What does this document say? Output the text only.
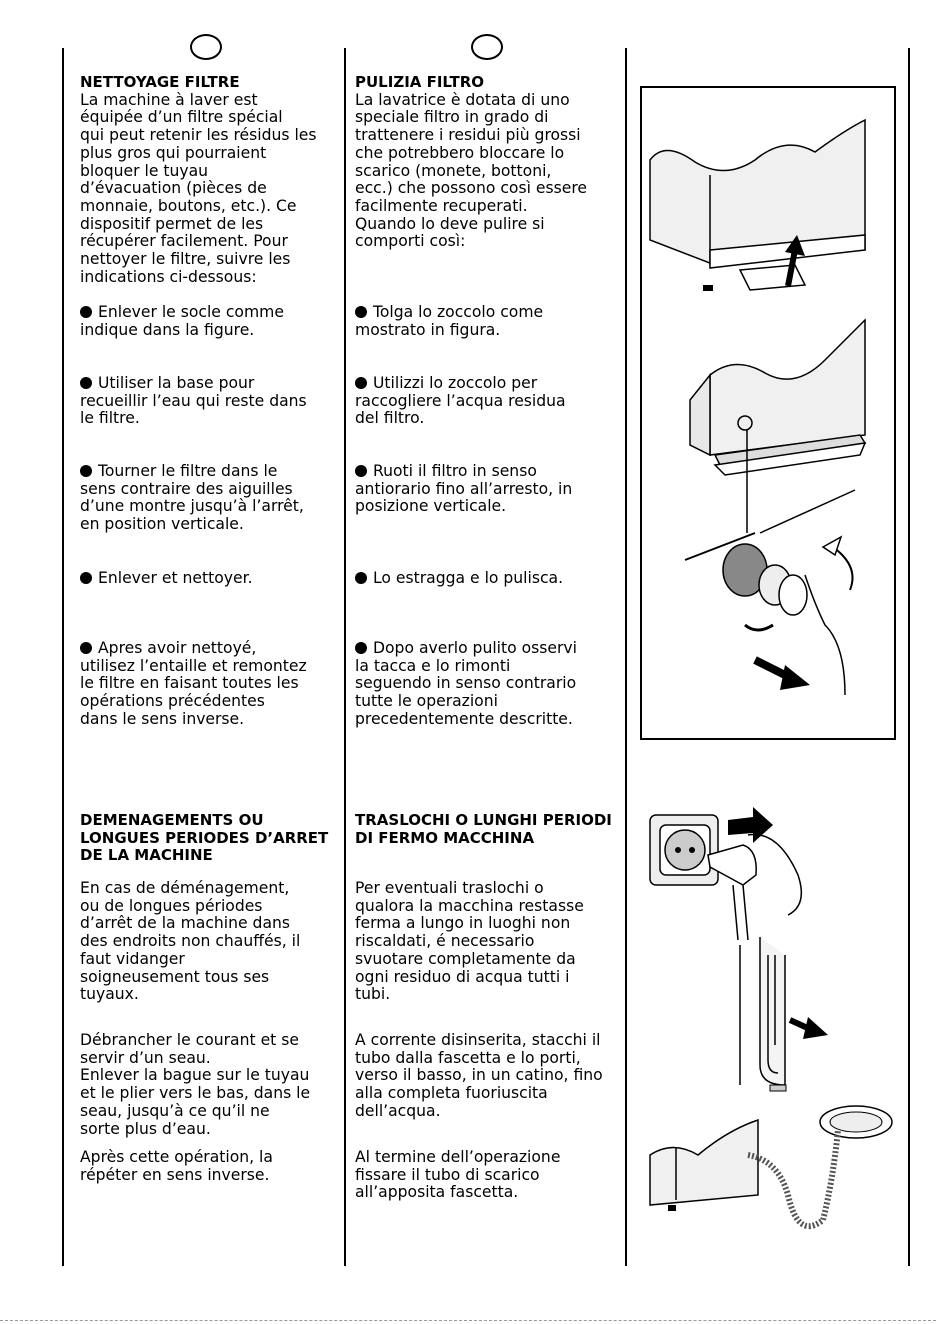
NETTOYAGE FILTRE

La machine à laver est
équipée d’un filtre spécial
qui peut retenir les résidus les
plus gros qui pourraient
bloquer le tuyau
d’évacuation (pièces de
monnaie, boutons, etc.). Ce
dispositif permet de les
récupérer facilement. Pour
nettoyer le filtre, suivre les
indications ci-dessous:

Enlever le socle comme
indique dans la figure.

Utiliser la base pour
recueillir l’eau qui reste dans
le filtre.

Tourner le filtre dans le
sens contraire des aiguilles
d’une montre jusqu’à l’arrêt,
en position verticale.

Enlever et nettoyer.

Apres avoir nettoyé,
utilisez l’entaille et remontez
le filtre en faisant toutes les
opérations précédentes
dans le sens inverse.

DEMENAGEMENTS OU
LONGUES PERIODES D’ARRET
DE LA MACHINE

En cas de déménagement,
ou de longues périodes
d’arrêt de la machine dans
des endroits non chauffés, il
faut vidanger
soigneusement tous ses
tuyaux.

Débrancher le courant et se
servir d’un seau.
Enlever la bague sur le tuyau
et le plier vers le bas, dans le
seau, jusqu’à ce qu’il ne
sorte plus d’eau.

Après cette opération, la
répéter en sens inverse.

PULIZIA FILTRO

La lavatrice è dotata di uno
speciale filtro in grado di
trattenere i residui più grossi
che potrebbero bloccare lo
scarico (monete, bottoni,
ecc.) che possono così essere
facilmente recuperati.
Quando lo deve pulire si
comporti così:

Tolga lo zoccolo come
mostrato in figura.

Utilizzi lo zoccolo per
raccogliere l’acqua residua
del filtro.

Ruoti il filtro in senso
antiorario fino all’arresto, in
posizione verticale.

Lo estragga e lo pulisca.

Dopo averlo pulito osservi
la tacca e lo rimonti
seguendo in senso contrario
tutte le operazioni
precedentemente descritte.

TRASLOCHI O LUNGHI PERIODI
DI FERMO MACCHINA

Per eventuali traslochi o
qualora la macchina restasse
ferma a lungo in luoghi non
riscaldati, é necessario
svuotare completamente da
ogni residuo di acqua tutti i
tubi.

A corrente disinserita, stacchi il
tubo dalla fascetta e lo porti,
verso il basso, in un catino, fino
alla completa fuoriuscita
dell’acqua.

Al termine dell’operazione
fissare il tubo di scarico
all’apposita fascetta.
